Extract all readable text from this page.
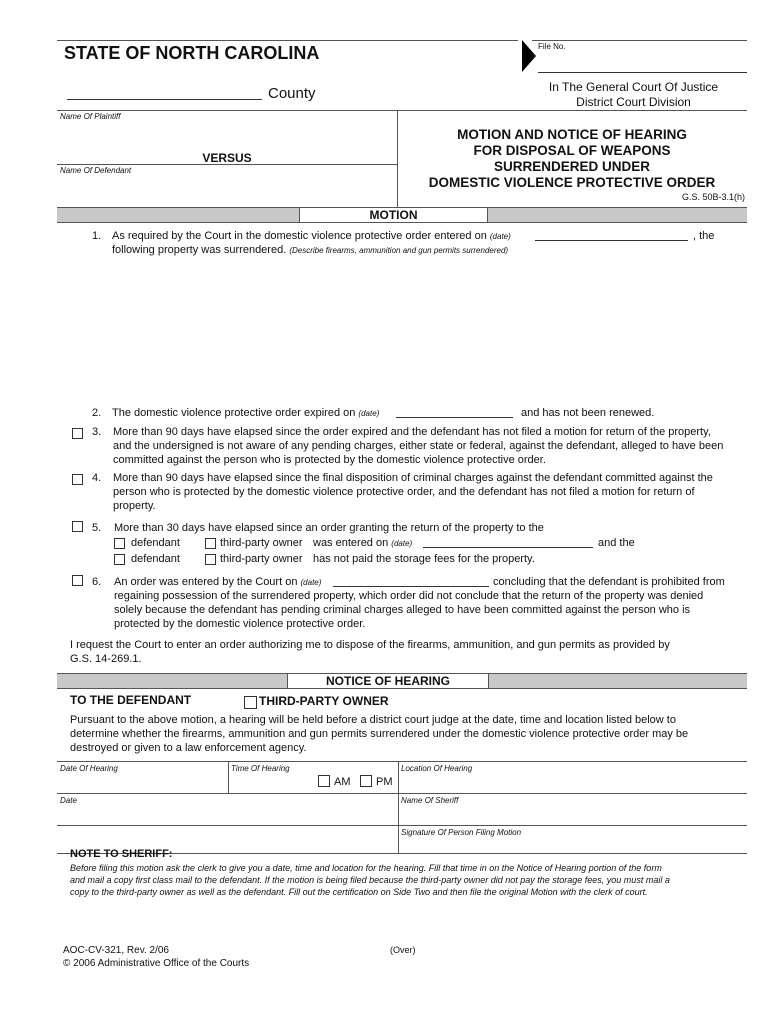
STATE OF NORTH CAROLINA	File No.
County	In The General Court Of Justice
District Court Division
Name Of Plaintiff
VERSUS
Name Of Defendant
MOTION AND NOTICE OF HEARING
FOR DISPOSAL OF WEAPONS
SURRENDERED UNDER
DOMESTIC VIOLENCE PROTECTIVE ORDER
G.S. 50B-3.1(h)
MOTION
1. As required by the Court in the domestic violence protective order entered on (date)	, the
following property was surrendered. (Describe firearms, ammunition and gun permits surrendered)
2. The domestic violence protective order expired on (date)	and has not been renewed.
3. More than 90 days have elapsed since the order expired and the defendant has not filed a motion for return of the property,
and the undersigned is not aware of any pending charges, either state or federal, against the defendant, alleged to have been
committed against the person who is protected by the domestic violence protective order.
4. More than 90 days have elapsed since the final disposition of criminal charges against the defendant committed against the
person who is protected by the domestic violence protective order, and the defendant has not filed a motion for return of
property.
5. More than 30 days have elapsed since an order granting the return of the property to the
defendant	third-party owner was entered on (date)	and the
defendant	third-party owner has not paid the storage fees for the property.
6. An order was entered by the Court on (date)	concluding that the defendant is prohibited from
regaining possession of the surrendered property, which order did not conclude that the return of the property was denied
solely because the defendant has pending criminal charges alleged to have been committed against the person who is
protected by the domestic violence protective order.
I request the Court to enter an order authorizing me to dispose of the firearms, ammunition, and gun permits as provided by
G.S. 14-269.1.
NOTICE OF HEARING
TO THE DEFENDANT	THIRD-PARTY OWNER
Pursuant to the above motion, a hearing will be held before a district court judge at the date, time and location listed below to
determine whether the firearms, ammunition and gun permits surrendered under the domestic violence protective order may be
destroyed or given to a law enforcement agency.
Date Of Hearing	Time Of Hearing
AM PM
Location Of Hearing
Date	Name Of Sheriff
Signature Of Person Filing Motion
NOTE TO SHERIFF:
Before filing this motion ask the clerk to give you a date, time and location for the hearing. Fill that time in on the Notice of Hearing portion of the form
and mail a copy first class mail to the defendant. If the motion is being filed because the third-party owner did not pay the storage fees, you must mail a
copy to the third-party owner as well as the defendant. Fill out the certification on Side Two and then file the original Motion with the clerk of court.
AOC-CV-321, Rev. 2/06
© 2006 Administrative Office of the Courts
(Over)
